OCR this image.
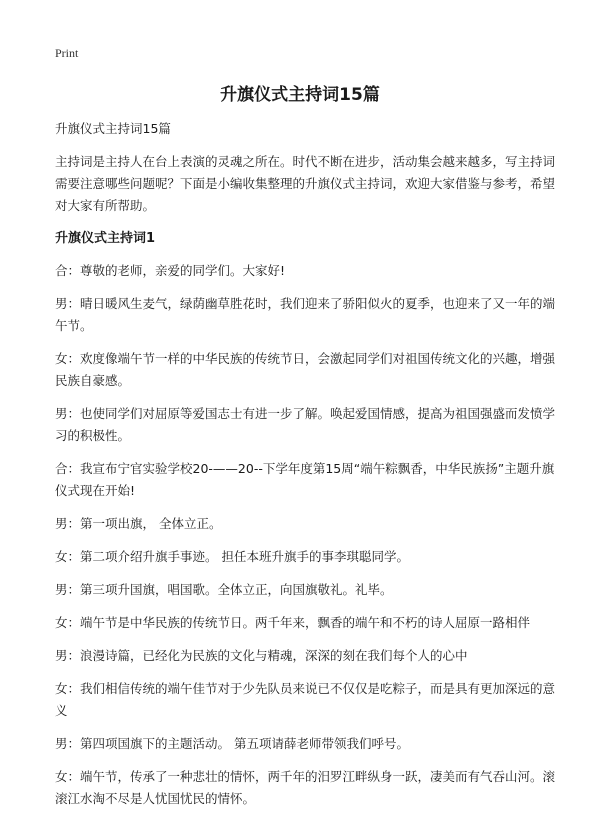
Print
升旗仪式主持词15篇

升旗仪式主持词15篇

主持词是主持人在台上表演的灵魂之所在。时代不断在进步，活动集会越来越多，写主持词需要注意哪些问题呢？下面是小编收集整理的升旗仪式主持词，欢迎大家借鉴与参考，希望对大家有所帮助。

升旗仪式主持词1

合：尊敬的老师，亲爱的同学们。大家好!

男：晴日暖风生麦气，绿荫幽草胜花时，我们迎来了骄阳似火的夏季，也迎来了又一年的端午节。

女：欢度像端午节一样的中华民族的传统节日，会激起同学们对祖国传统文化的兴趣，增强民族自豪感。

男：也使同学们对屈原等爱国志士有进一步了解。唤起爱国情感，提高为祖国强盛而发愤学习的积极性。

合：我宣布宁官实验学校20-——20--下学年度第15周“端午粽飘香，中华民族扬”主题升旗仪式现在开始!

男：第一项出旗， 全体立正。

女：第二项介绍升旗手事迹。 担任本班升旗手的事李琪聪同学。

男：第三项升国旗，唱国歌。全体立正，向国旗敬礼。礼毕。

女：端午节是中华民族的传统节日。两千年来，飘香的端午和不朽的诗人屈原一路相伴

男：浪漫诗篇，已经化为民族的文化与精魂，深深的刻在我们每个人的心中

女：我们相信传统的端午佳节对于少先队员来说已不仅仅是吃粽子，而是具有更加深远的意义

男：第四项国旗下的主题活动。 第五项请薛老师带领我们呼号。

女：端午节，传承了一种悲壮的情怀，两千年的汨罗江畔纵身一跃，凄美而有气吞山河。滚滚江水淘不尽是人忧国忧民的情怀。
